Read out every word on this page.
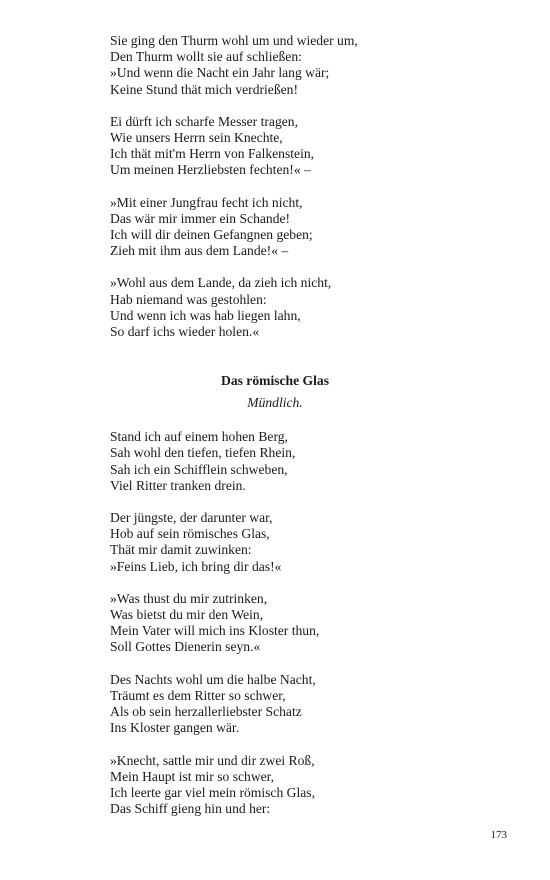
Sie ging den Thurm wohl um und wieder um,
Den Thurm wollt sie auf schließen:
»Und wenn die Nacht ein Jahr lang wär;
Keine Stund thät mich verdrießen!
Ei dürft ich scharfe Messer tragen,
Wie unsers Herrn sein Knechte,
Ich thät mit'm Herrn von Falkenstein,
Um meinen Herzliebsten fechten!« –
»Mit einer Jungfrau fecht ich nicht,
Das wär mir immer ein Schande!
Ich will dir deinen Gefangnen geben;
Zieh mit ihm aus dem Lande!« –
»Wohl aus dem Lande, da zieh ich nicht,
Hab niemand was gestohlen:
Und wenn ich was hab liegen lahn,
So darf ichs wieder holen.«
Das römische Glas
Mündlich.
Stand ich auf einem hohen Berg,
Sah wohl den tiefen, tiefen Rhein,
Sah ich ein Schifflein schweben,
Viel Ritter tranken drein.
Der jüngste, der darunter war,
Hob auf sein römisches Glas,
Thät mir damit zuwinken:
»Feins Lieb, ich bring dir das!«
»Was thust du mir zutrinken,
Was bietst du mir den Wein,
Mein Vater will mich ins Kloster thun,
Soll Gottes Dienerin seyn.«
Des Nachts wohl um die halbe Nacht,
Träumt es dem Ritter so schwer,
Als ob sein herzallerliebster Schatz
Ins Kloster gangen wär.
»Knecht, sattle mir und dir zwei Roß,
Mein Haupt ist mir so schwer,
Ich leerte gar viel mein römisch Glas,
Das Schiff gieng hin und her:
173
